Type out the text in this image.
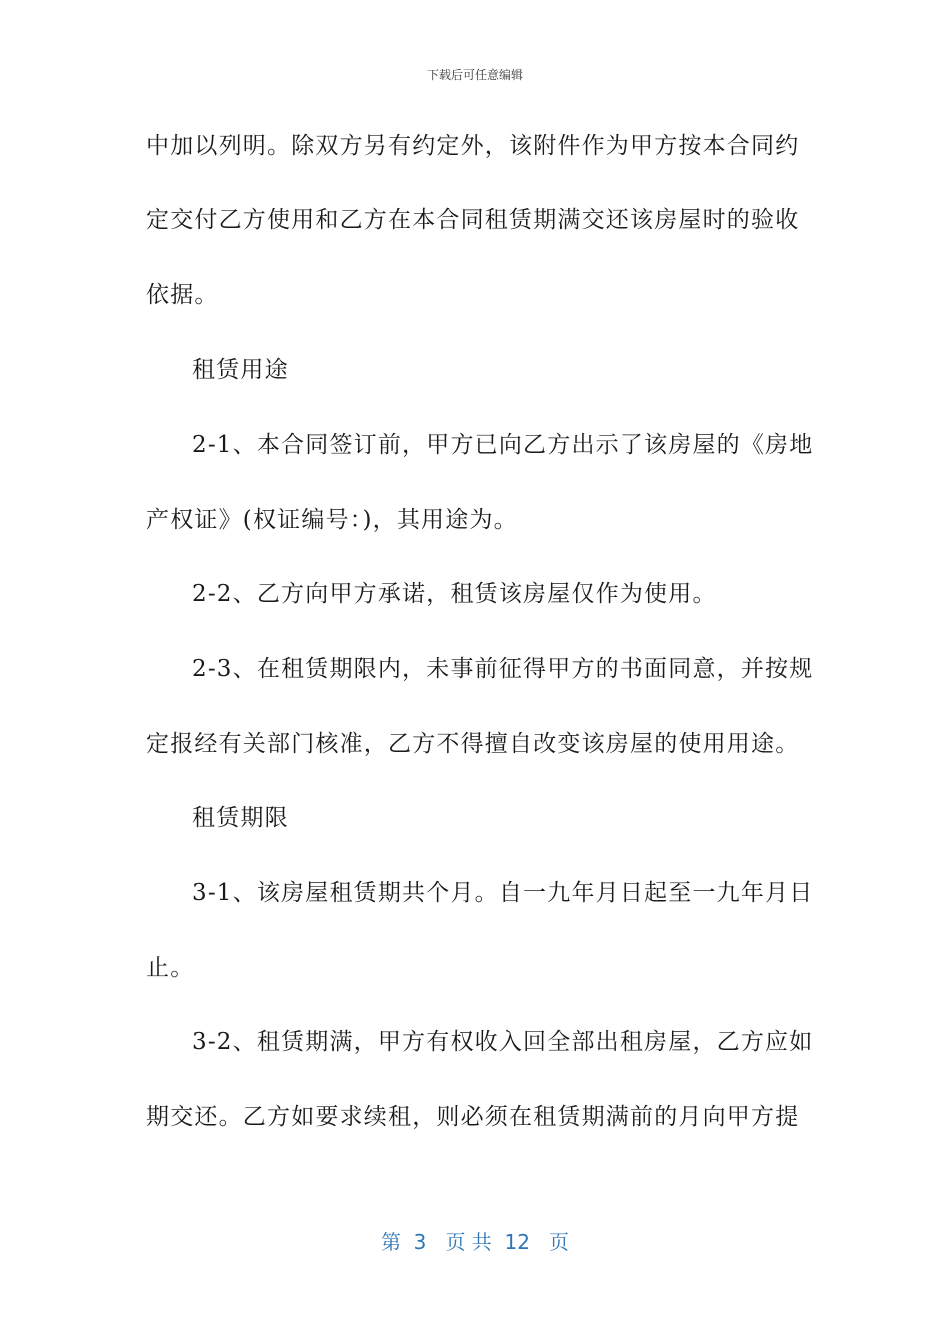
下载后可任意编辑
中加以列明。除双方另有约定外，该附件作为甲方按本合同约
定交付乙方使用和乙方在本合同租赁期满交还该房屋时的验收
依据。
租赁用途
2-1、本合同签订前，甲方已向乙方出示了该房屋的《房地
产权证》(权证编号：)，其用途为。
2-2、乙方向甲方承诺，租赁该房屋仅作为使用。
2-3、在租赁期限内，未事前征得甲方的书面同意，并按规
定报经有关部门核准，乙方不得擅自改变该房屋的使用用途。
租赁期限
3-1、该房屋租赁期共个月。自一九年月日起至一九年月日
止。
3-2、租赁期满，甲方有权收入回全部出租房屋，乙方应如
期交还。乙方如要求续租，则必须在租赁期满前的月向甲方提
第  3   页 共  12   页
